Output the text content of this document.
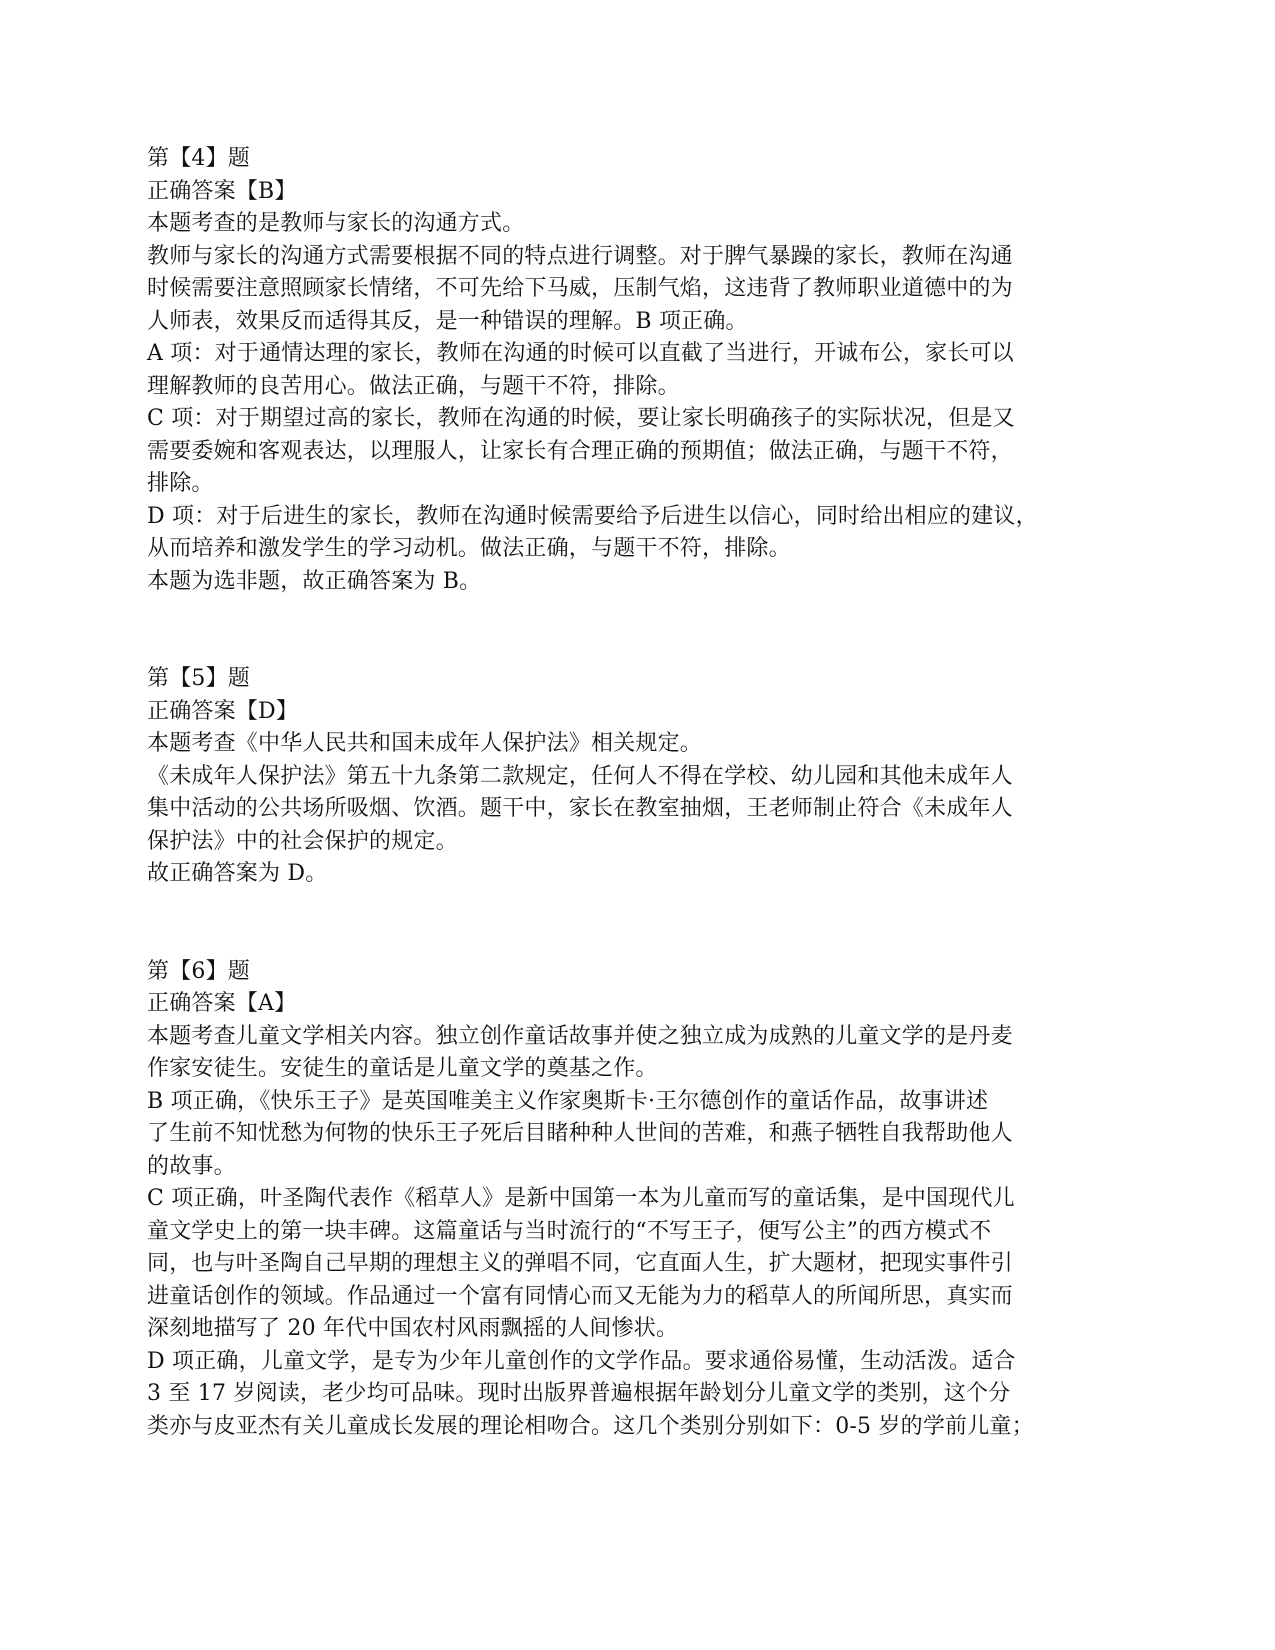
第【4】题

正确答案【B】

本题考查的是教师与家长的沟通方式。

教师与家长的沟通方式需要根据不同的特点进行调整。对于脾气暴躁的家长，教师在沟通

时候需要注意照顾家长情绪，不可先给下马威，压制气焰，这违背了教师职业道德中的为

人师表，效果反而适得其反，是一种错误的理解。B 项正确。

A 项：对于通情达理的家长，教师在沟通的时候可以直截了当进行，开诚布公，家长可以

理解教师的良苦用心。做法正确，与题干不符，排除。

C 项：对于期望过高的家长，教师在沟通的时候，要让家长明确孩子的实际状况，但是又

需要委婉和客观表达，以理服人，让家长有合理正确的预期值；做法正确，与题干不符，

排除。

D 项：对于后进生的家长，教师在沟通时候需要给予后进生以信心，同时给出相应的建议，

从而培养和激发学生的学习动机。做法正确，与题干不符，排除。

本题为选非题，故正确答案为 B。

第【5】题

正确答案【D】

本题考查《中华人民共和国未成年人保护法》相关规定。

《未成年人保护法》第五十九条第二款规定，任何人不得在学校、幼儿园和其他未成年人

集中活动的公共场所吸烟、饮酒。题干中，家长在教室抽烟，王老师制止符合《未成年人

保护法》中的社会保护的规定。

故正确答案为 D。

第【6】题

正确答案【A】

本题考查儿童文学相关内容。独立创作童话故事并使之独立成为成熟的儿童文学的是丹麦

作家安徒生。安徒生的童话是儿童文学的奠基之作。

B 项正确，《快乐王子》是英国唯美主义作家奥斯卡·王尔德创作的童话作品，故事讲述

了生前不知忧愁为何物的快乐王子死后目睹种种人世间的苦难，和燕子牺牲自我帮助他人

的故事。

C 项正确，叶圣陶代表作《稻草人》是新中国第一本为儿童而写的童话集，是中国现代儿

童文学史上的第一块丰碑。这篇童话与当时流行的“不写王子，便写公主”的西方模式不

同，也与叶圣陶自己早期的理想主义的弹唱不同，它直面人生，扩大题材，把现实事件引

进童话创作的领域。作品通过一个富有同情心而又无能为力的稻草人的所闻所思，真实而

深刻地描写了 20 年代中国农村风雨飘摇的人间惨状。

D 项正确，儿童文学，是专为少年儿童创作的文学作品。要求通俗易懂，生动活泼。适合

3 至 17 岁阅读，老少均可品味。现时出版界普遍根据年龄划分儿童文学的类别，这个分

类亦与皮亚杰有关儿童成长发展的理论相吻合。这几个类别分别如下：0-5 岁的学前儿童；
